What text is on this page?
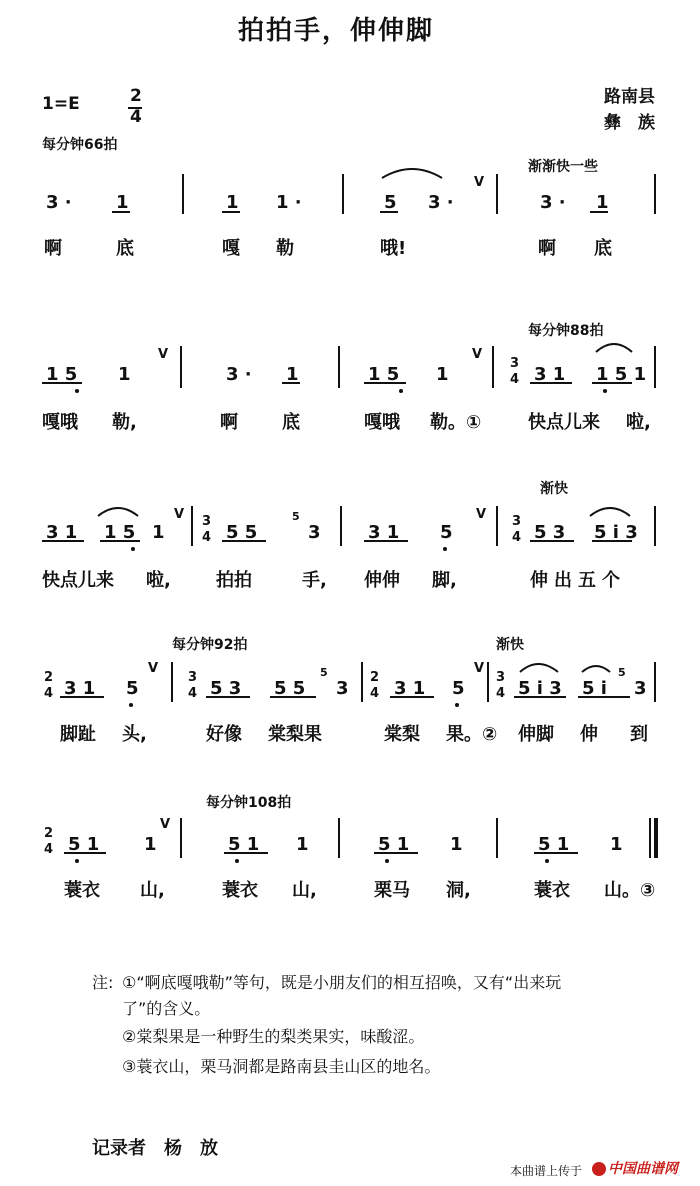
拍拍手，伸伸脚
1=E	2
4
路南县
彝　族
每分钟66拍
渐渐快一些
每分钟88拍
渐快
每分钟92拍	渐快
每分钟108拍
3 · 1	1 1 ·	5 3 ·
V
3 · 1
1 5 1
V
3 · 1	1 5 1
V
3
4 3 1 1 5 1
3 1 1 5 1
V 3
4 5 5
5
3	3 1 5
V 3
4 5 3 5 i 3
2
4 3 1 5
V
3
4 5 3 5 5
5
3
2
4 3 1 5
V
3
4 5 i 3 5 i
5
3
2
4 5 1 1
V
5 1 1	5 1 1	5 1 1
啊	底	嘎 勒	哦!	啊 底
嘎哦 勒,	啊 底	嘎哦 勒。①	快点儿来 啦,
快点儿来 啦,	拍拍	手, 伸伸 脚,	伸出五个
脚趾 头,	好像 棠梨果	棠梨 果。② 伸脚 伸 到
蓑衣 山,	蓑衣 山,	栗马 洞,	蓑衣 山。③
注: ①“啊底嘎哦勒”等句，既是小朋友们的相互招唤，又有“出来玩
了”的含义。
②棠梨果是一种野生的梨类果实，味酸涩。
③蓑衣山，栗马洞都是路南县圭山区的地名。
记录者　杨　放
本曲谱上传于	中国曲谱网
